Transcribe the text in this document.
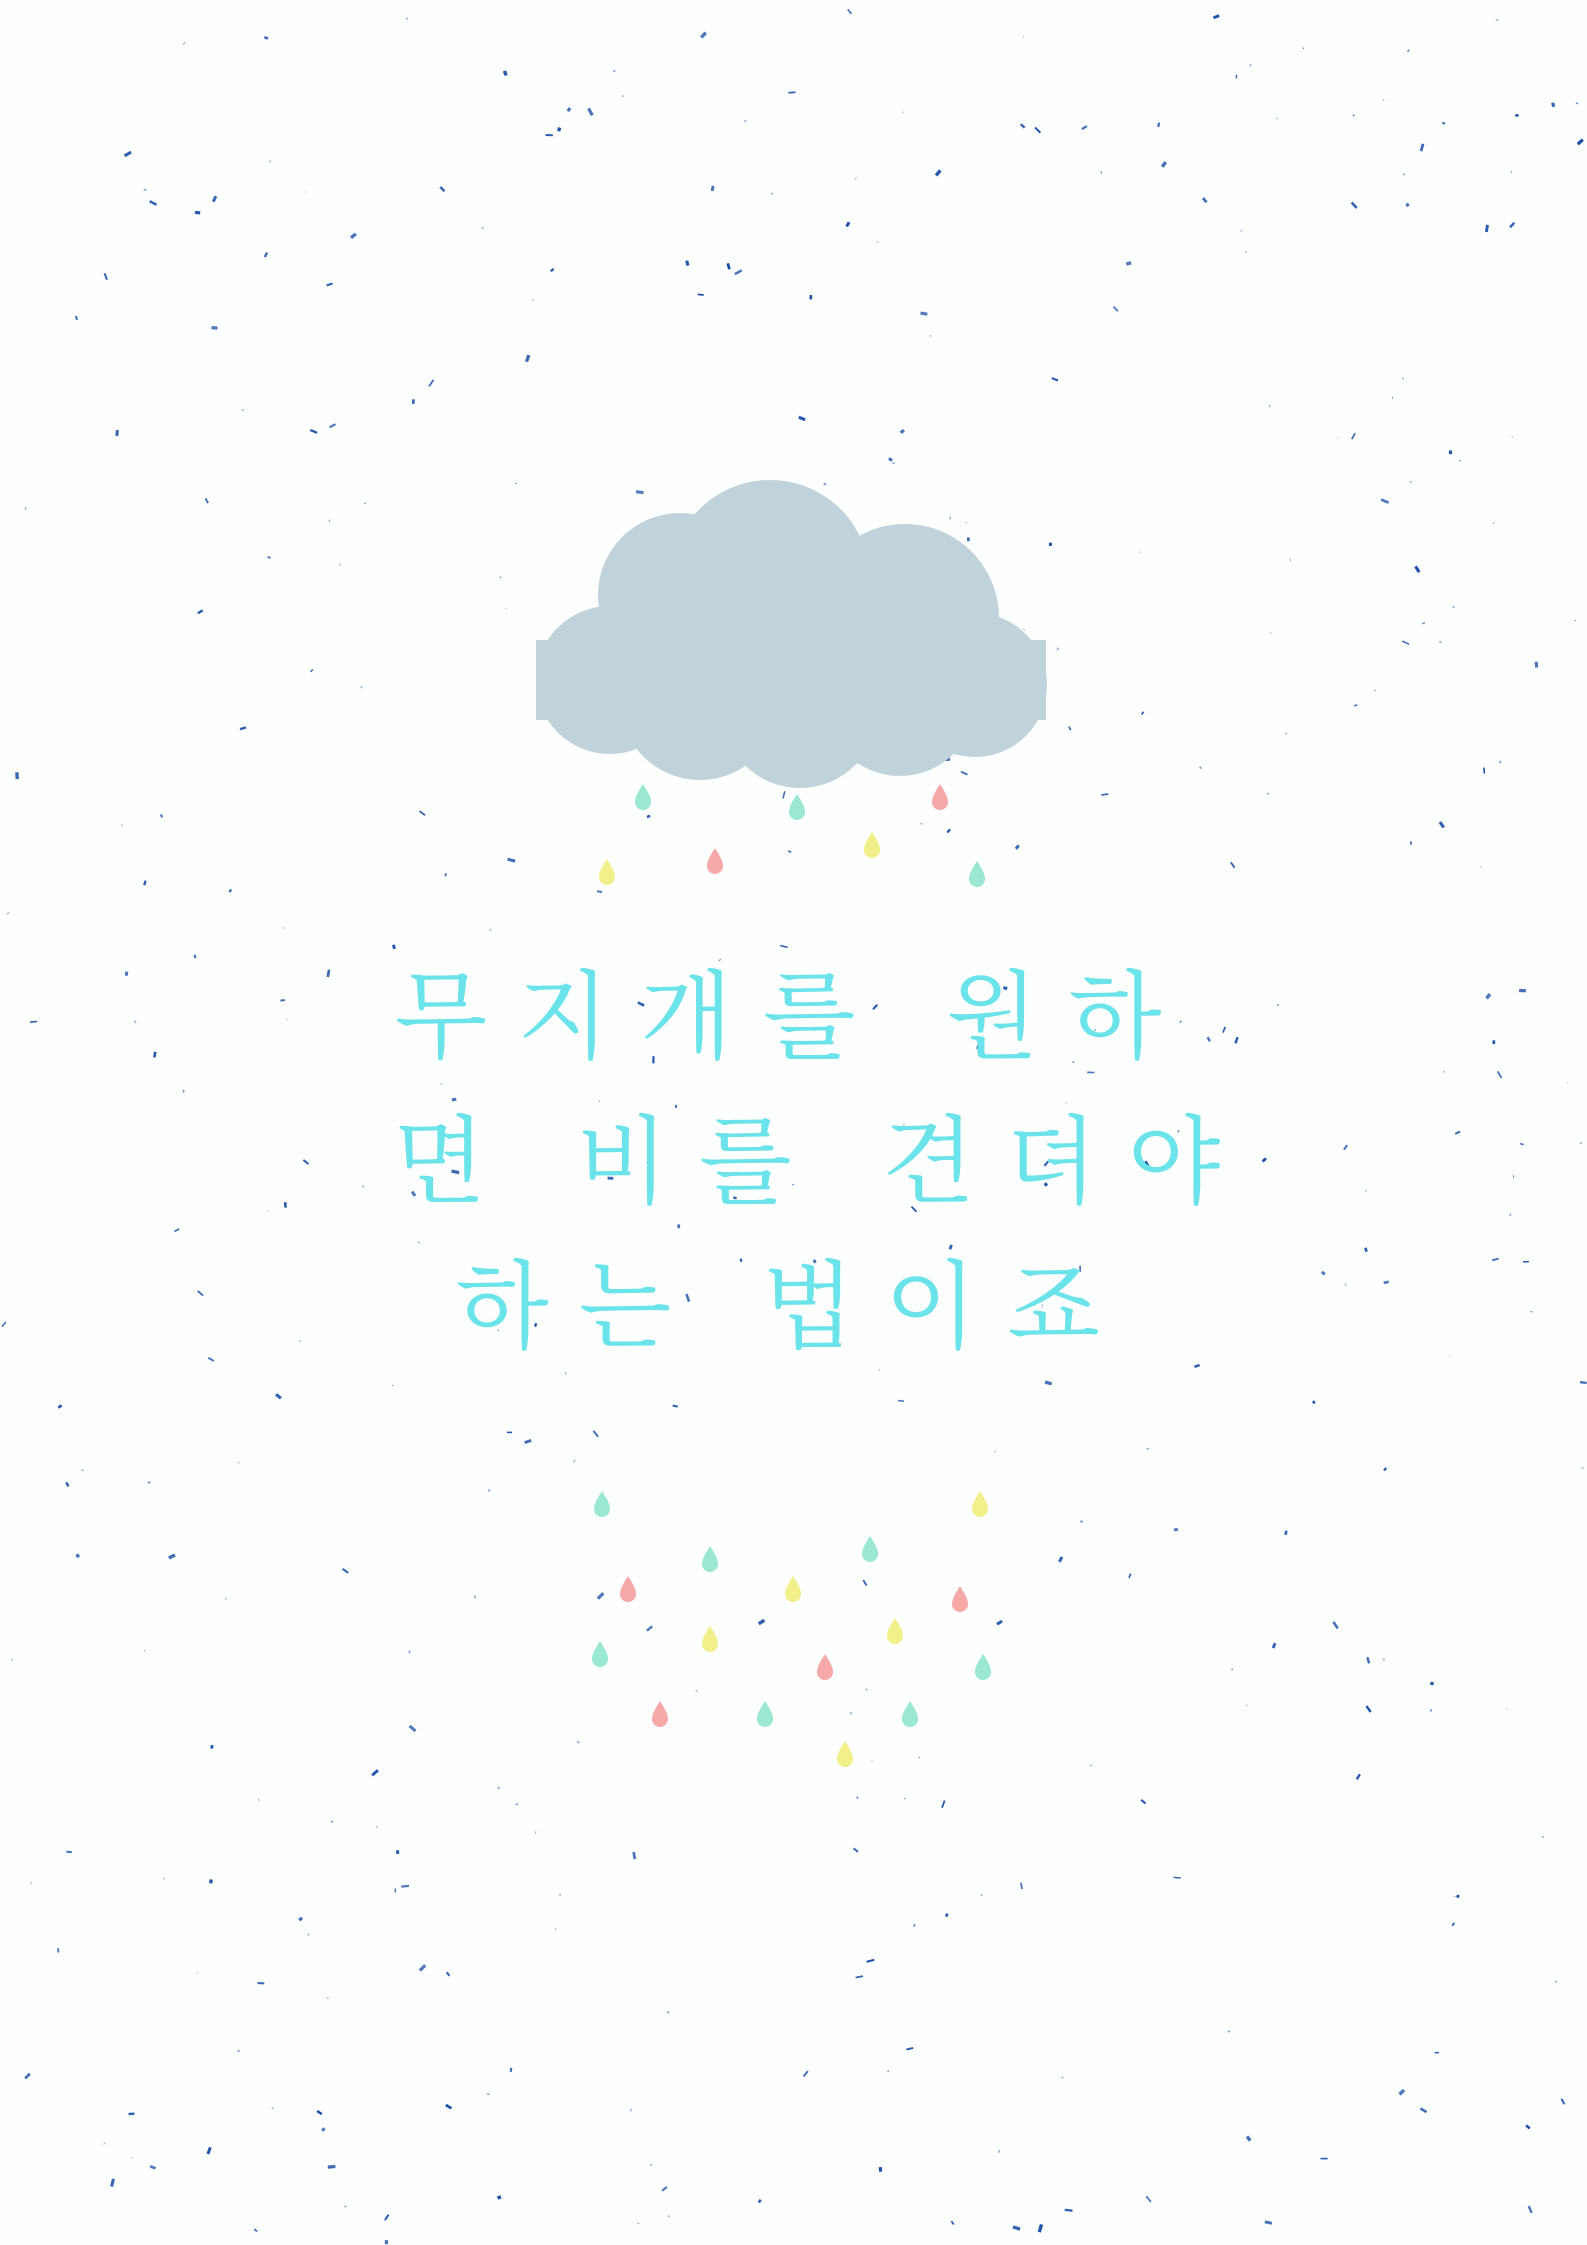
무지개를 원하
면 비를 견뎌야
하는 법이죠
